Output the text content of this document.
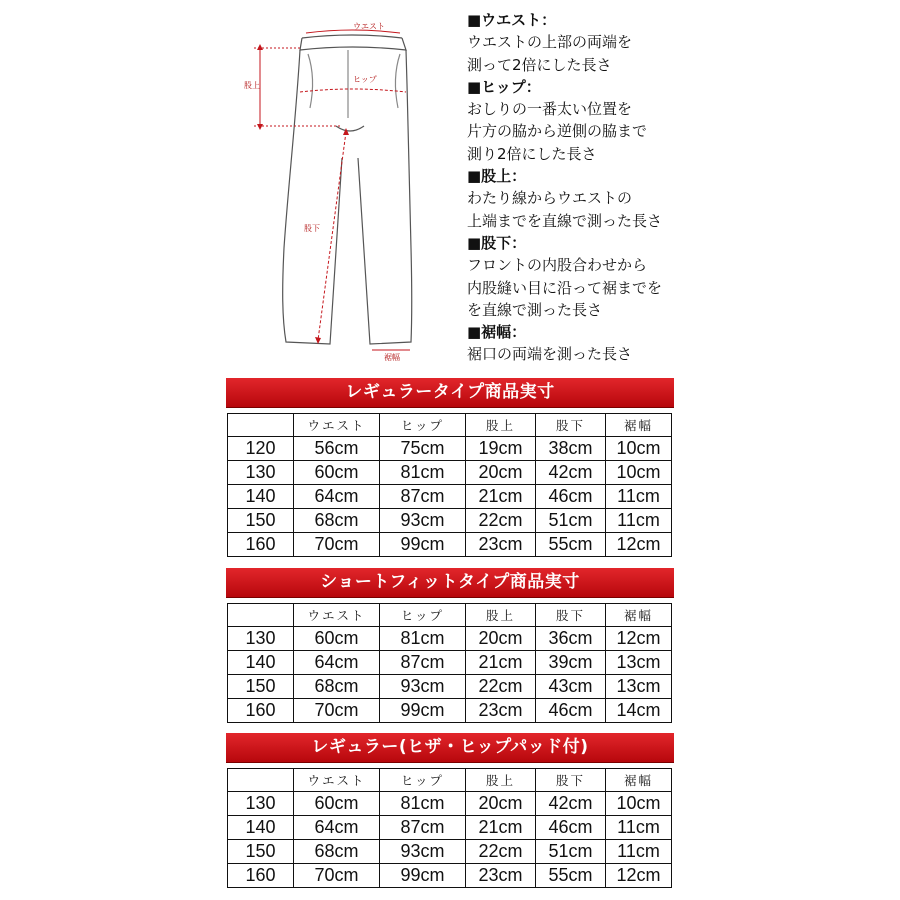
ウエスト
ヒップ
股上
股下
裾幅
■ウエスト：
ウエストの上部の両端を
測って2倍にした長さ
■ヒップ：
おしりの一番太い位置を
片方の脇から逆側の脇まで
測り2倍にした長さ
■股上：
わたり線からウエストの
上端までを直線で測った長さ
■股下：
フロントの内股合わせから
内股縫い目に沿って裾までを
を直線で測った長さ
■裾幅：
裾口の両端を測った長さ
レギュラータイプ商品実寸
	ウエスト	ヒップ	股上	股下	裾幅
120	56cm	75cm	19cm	38cm	10cm
130	60cm	81cm	20cm	42cm	10cm
140	64cm	87cm	21cm	46cm	11cm
150	68cm	93cm	22cm	51cm	11cm
160	70cm	99cm	23cm	55cm	12cm
ショートフィットタイプ商品実寸
	ウエスト	ヒップ	股上	股下	裾幅
130	60cm	81cm	20cm	36cm	12cm
140	64cm	87cm	21cm	39cm	13cm
150	68cm	93cm	22cm	43cm	13cm
160	70cm	99cm	23cm	46cm	14cm
レギュラー(ヒザ・ヒップパッド付)
	ウエスト	ヒップ	股上	股下	裾幅
130	60cm	81cm	20cm	42cm	10cm
140	64cm	87cm	21cm	46cm	11cm
150	68cm	93cm	22cm	51cm	11cm
160	70cm	99cm	23cm	55cm	12cm
